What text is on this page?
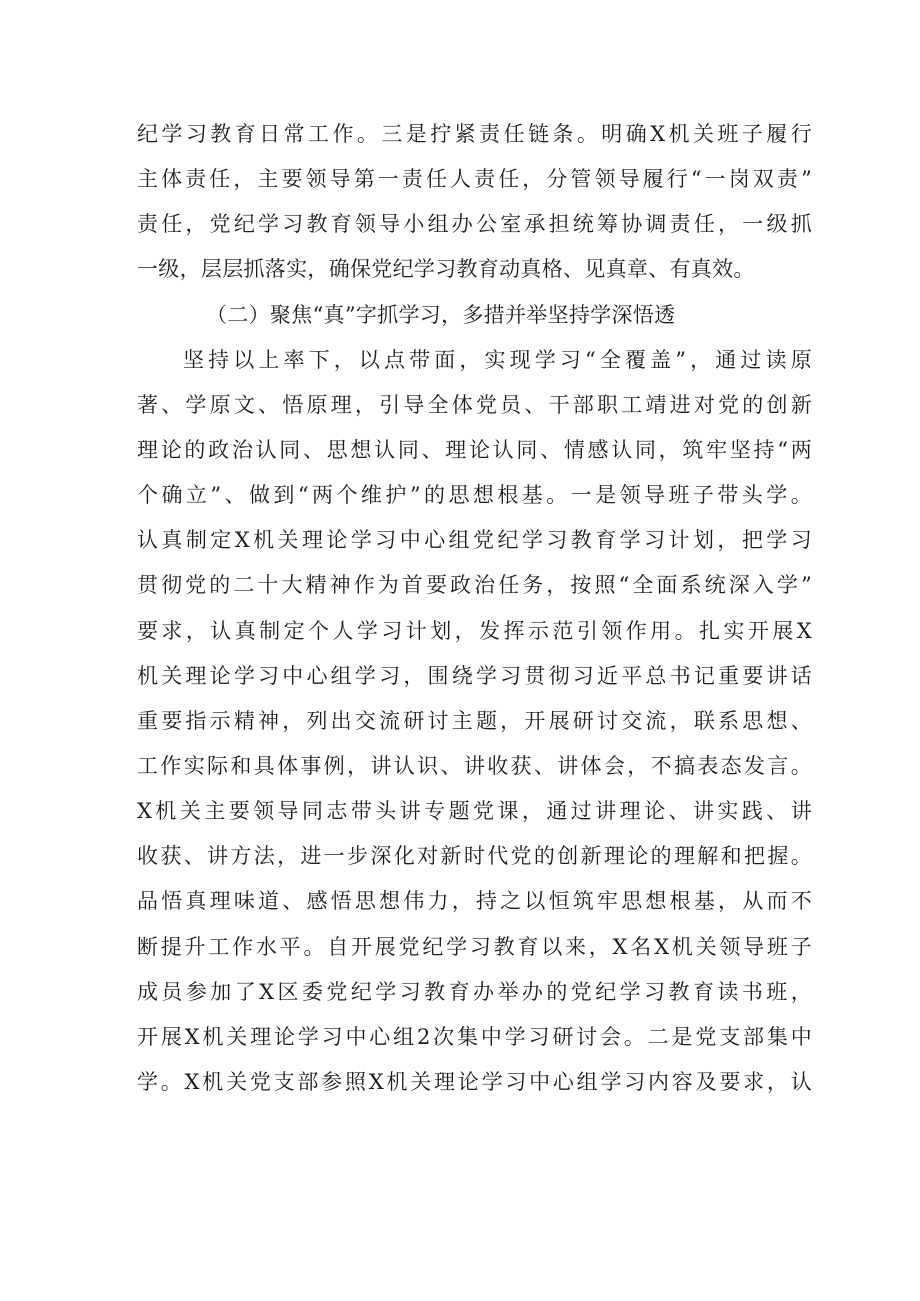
纪学习教育日常工作。三是拧紧责任链条。明确X机关班子履行
主体责任，主要领导第一责任人责任，分管领导履行“一岗双责”
责任，党纪学习教育领导小组办公室承担统筹协调责任，一级抓
一级，层层抓落实，确保党纪学习教育动真格、见真章、有真效。
（二）聚焦“真”字抓学习，多措并举坚持学深悟透
坚持以上率下，以点带面，实现学习“全覆盖”，通过读原
著、学原文、悟原理，引导全体党员、干部职工靖进对党的创新
理论的政治认同、思想认同、理论认同、情感认同，筑牢坚持“两
个确立”、做到“两个维护”的思想根基。一是领导班子带头学。
认真制定X机关理论学习中心组党纪学习教育学习计划，把学习
贯彻党的二十大精神作为首要政治任务，按照“全面系统深入学”
要求，认真制定个人学习计划，发挥示范引领作用。扎实开展X
机关理论学习中心组学习，围绕学习贯彻习近平总书记重要讲话
重要指示精神，列出交流研讨主题，开展研讨交流，联系思想、
工作实际和具体事例，讲认识、讲收获、讲体会，不搞表态发言。
X机关主要领导同志带头讲专题党课，通过讲理论、讲实践、讲
收获、讲方法，进一步深化对新时代党的创新理论的理解和把握。
品悟真理味道、感悟思想伟力，持之以恒筑牢思想根基，从而不
断提升工作水平。自开展党纪学习教育以来，X名X机关领导班子
成员参加了X区委党纪学习教育办举办的党纪学习教育读书班，
开展X机关理论学习中心组2次集中学习研讨会。二是党支部集中
学。X机关党支部参照X机关理论学习中心组学习内容及要求，认
